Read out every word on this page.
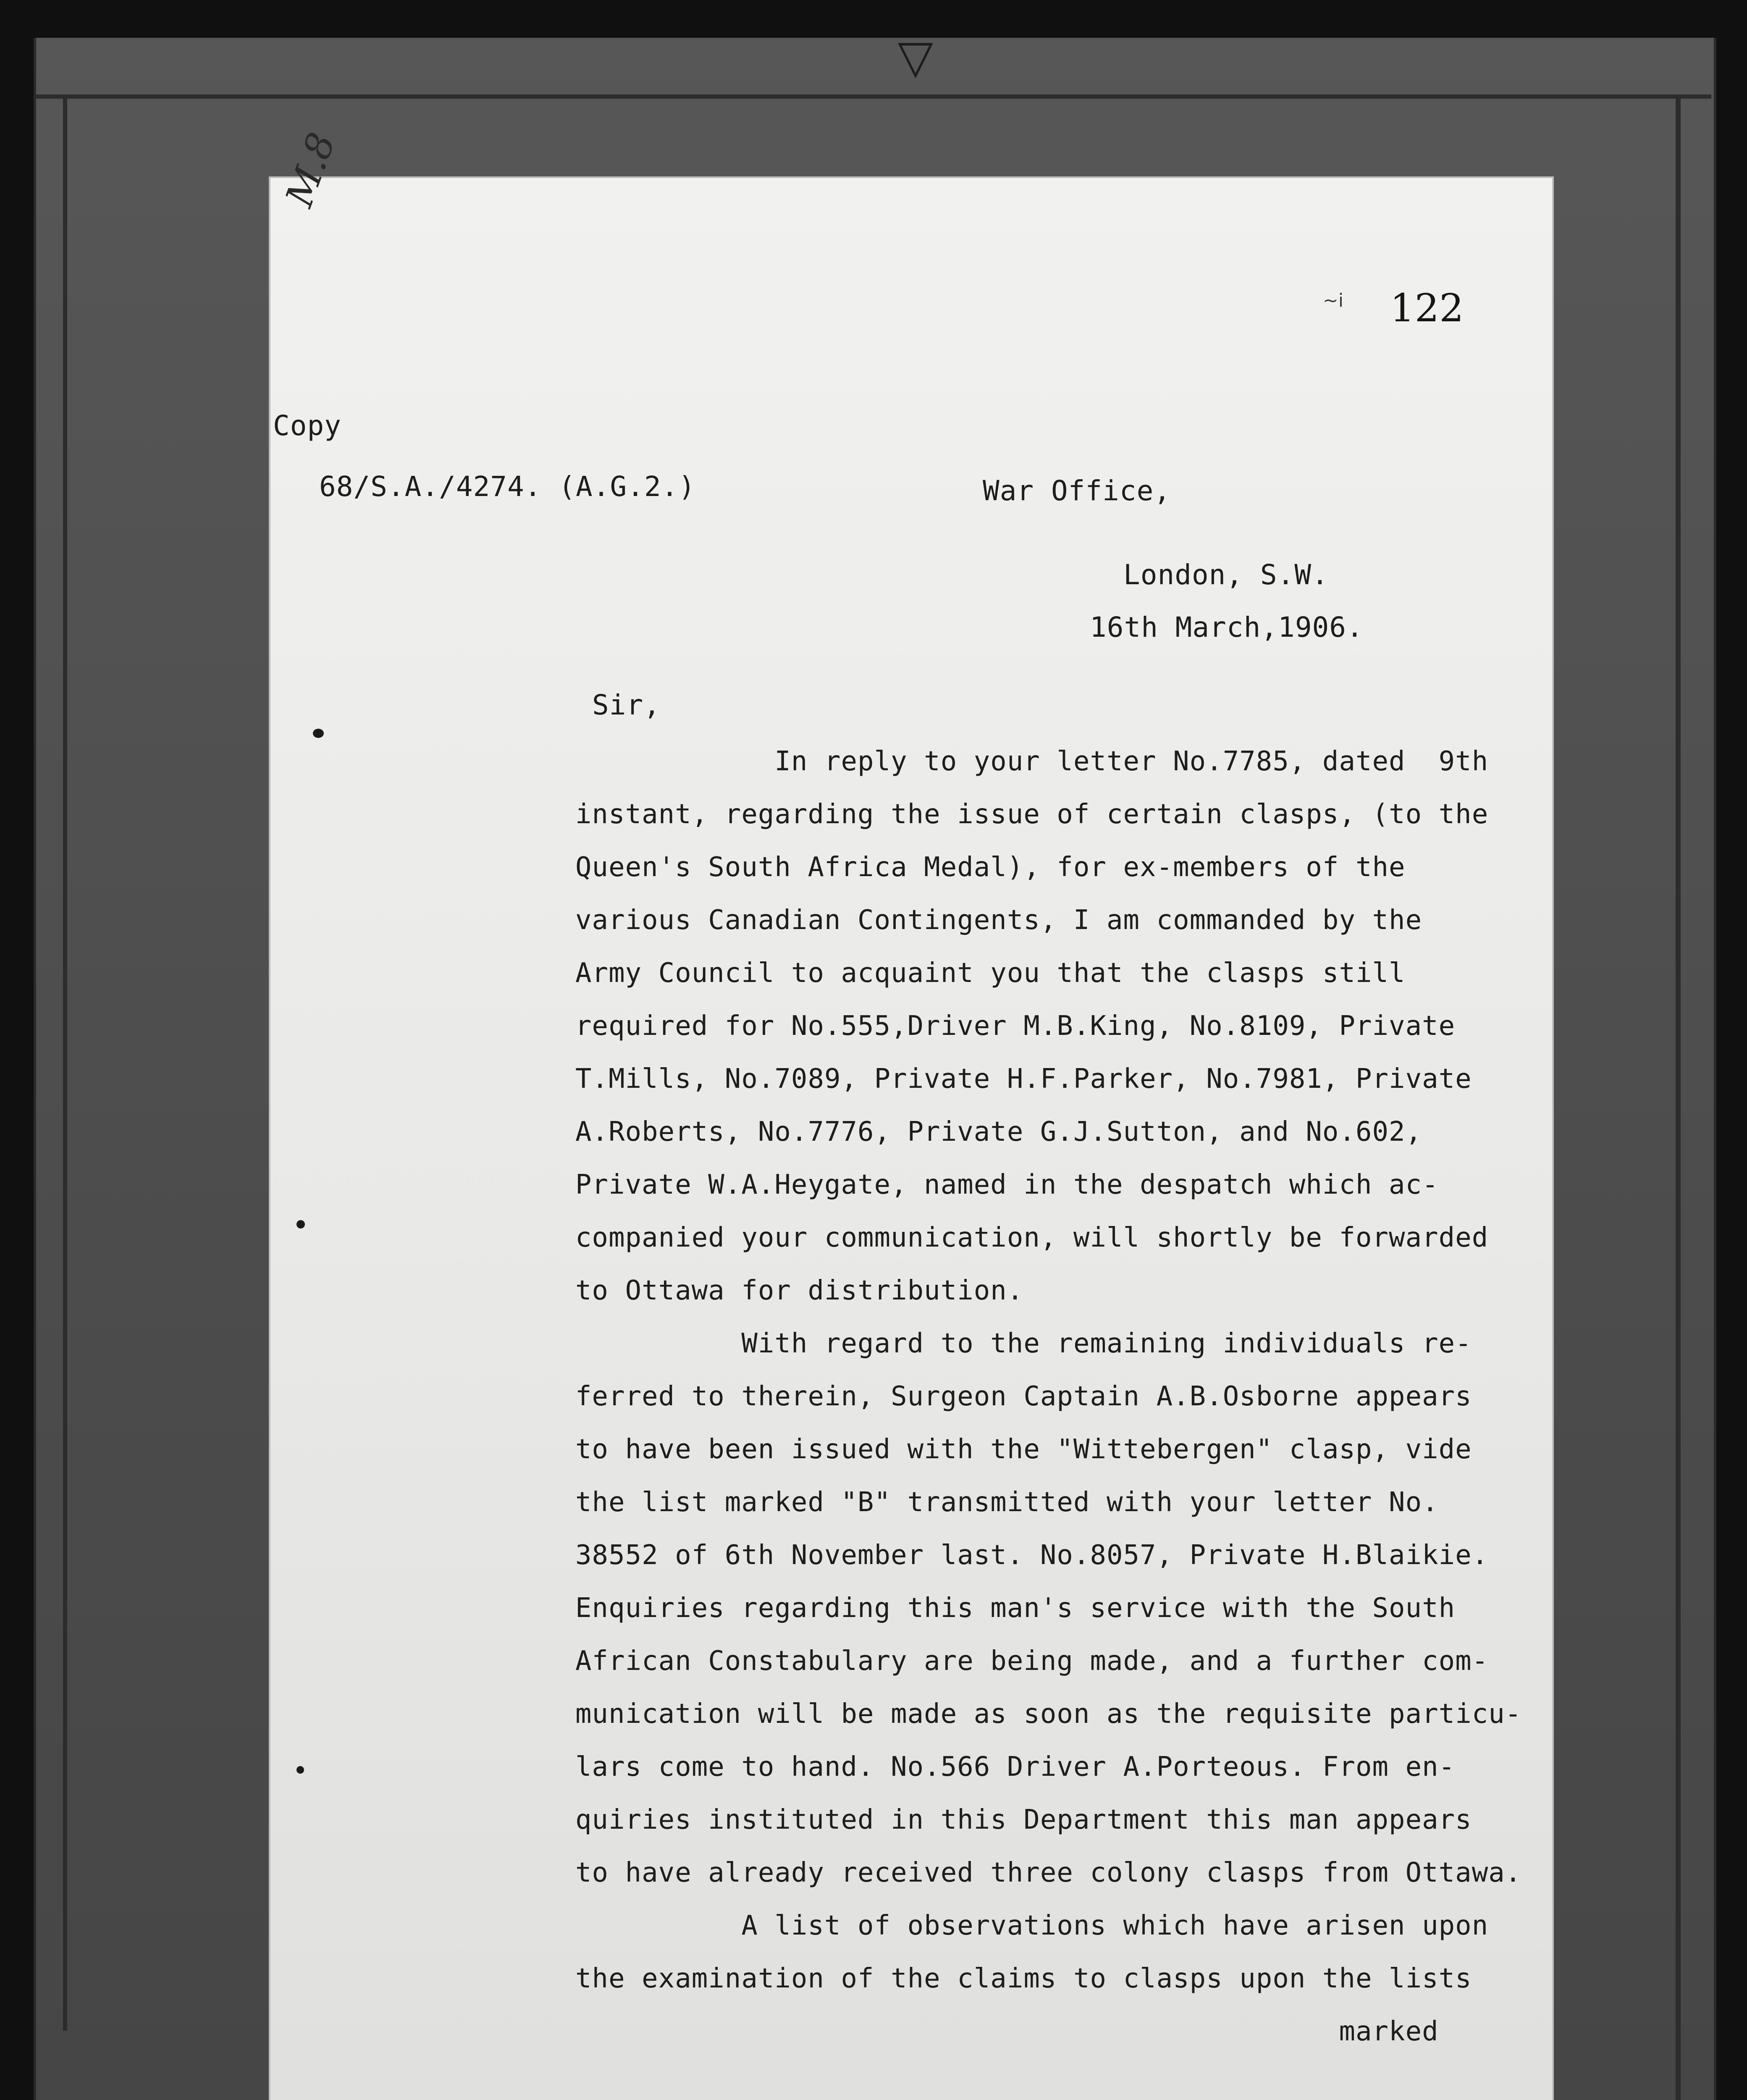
▽
M.8
~i 122
Copy
68/S.A./4274. (A.G.2.)	War Office,
London, S.W.
16th March,1906.
Sir,
In reply to your letter No.7785, dated  9th
instant, regarding the issue of certain clasps, (to the
Queen's South Africa Medal), for ex-members of the
various Canadian Contingents, I am commanded by the
Army Council to acquaint you that the clasps still
required for No.555,Driver M.B.King, No.8109, Private
T.Mills, No.7089, Private H.F.Parker, No.7981, Private
A.Roberts, No.7776, Private G.J.Sutton, and No.602,
Private W.A.Heygate, named in the despatch which ac-
companied your communication, will shortly be forwarded
to Ottawa for distribution.
With regard to the remaining individuals re-
ferred to therein, Surgeon Captain A.B.Osborne appears
to have been issued with the "Wittebergen" clasp, vide
the list marked "B" transmitted with your letter No.
38552 of 6th November last. No.8057, Private H.Blaikie.
Enquiries regarding this man's service with the South
African Constabulary are being made, and a further com-
munication will be made as soon as the requisite particu-
lars come to hand. No.566 Driver A.Porteous. From en-
quiries instituted in this Department this man appears
to have already received three colony clasps from Ottawa.
A list of observations which have arisen upon
the examination of the claims to clasps upon the lists
marked
